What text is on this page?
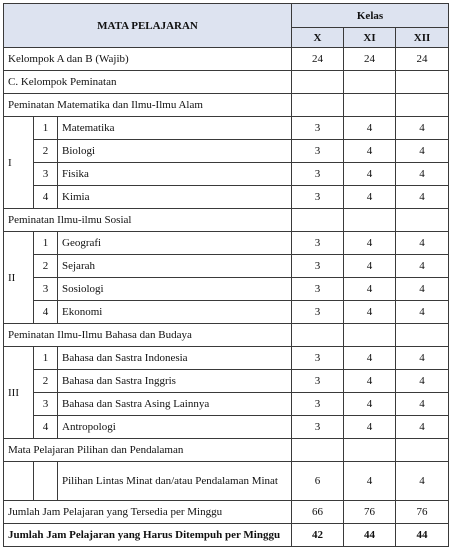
MATA PELAJARAN			Kelas		
			X	XI	XII
Kelompok A dan B (Wajib)			24	24	24
C. Kelompok Peminatan					
Peminatan Matematika dan Ilmu-Ilmu Alam					
I	1	Matematika	3	4	4
	2	Biologi	3	4	4
	3	Fisika	3	4	4
	4	Kimia	3	4	4
Peminatan Ilmu-ilmu Sosial					
II	1	Geografi	3	4	4
	2	Sejarah	3	4	4
	3	Sosiologi	3	4	4
	4	Ekonomi	3	4	4
Peminatan Ilmu-Ilmu Bahasa dan Budaya					
III	1	Bahasa dan Sastra Indonesia	3	4	4
	2	Bahasa dan Sastra Inggris	3	4	4
	3	Bahasa dan Sastra Asing Lainnya	3	4	4
	4	Antropologi	3	4	4
Mata Pelajaran Pilihan dan Pendalaman					
		Pilihan Lintas Minat dan/atau Pendalaman Minat	6	4	4
Jumlah Jam Pelajaran yang Tersedia per Minggu			66	76	76
Jumlah Jam Pelajaran yang Harus Ditempuh per Minggu			42	44	44
